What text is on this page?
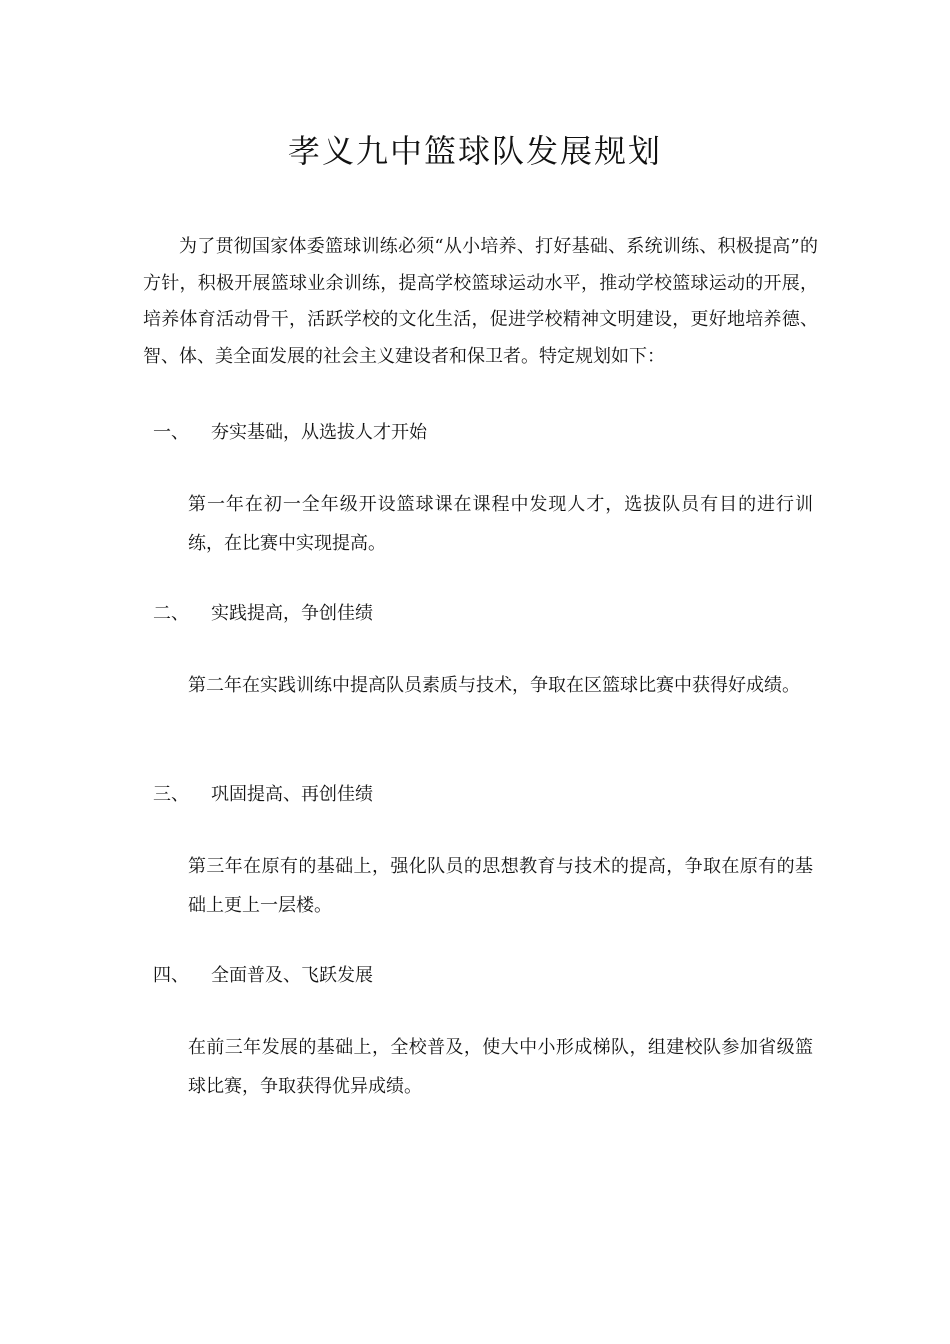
孝义九中篮球队发展规划

为了贯彻国家体委篮球训练必须“从小培养、打好基础、系统训练、积极提高”的方针，积极开展篮球业余训练，提高学校篮球运动水平，推动学校篮球运动的开展，培养体育活动骨干，活跃学校的文化生活，促进学校精神文明建设，更好地培养德、智、体、美全面发展的社会主义建设者和保卫者。特定规划如下：

一、 夯实基础，从选拔人才开始

第一年在初一全年级开设篮球课在课程中发现人才，选拔队员有目的进行训练，在比赛中实现提高。

二、 实践提高，争创佳绩

第二年在实践训练中提高队员素质与技术，争取在区篮球比赛中获得好成绩。

三、 巩固提高、再创佳绩

第三年在原有的基础上，强化队员的思想教育与技术的提高，争取在原有的基础上更上一层楼。

四、 全面普及、飞跃发展

在前三年发展的基础上，全校普及，使大中小形成梯队，组建校队参加省级篮球比赛，争取获得优异成绩。
